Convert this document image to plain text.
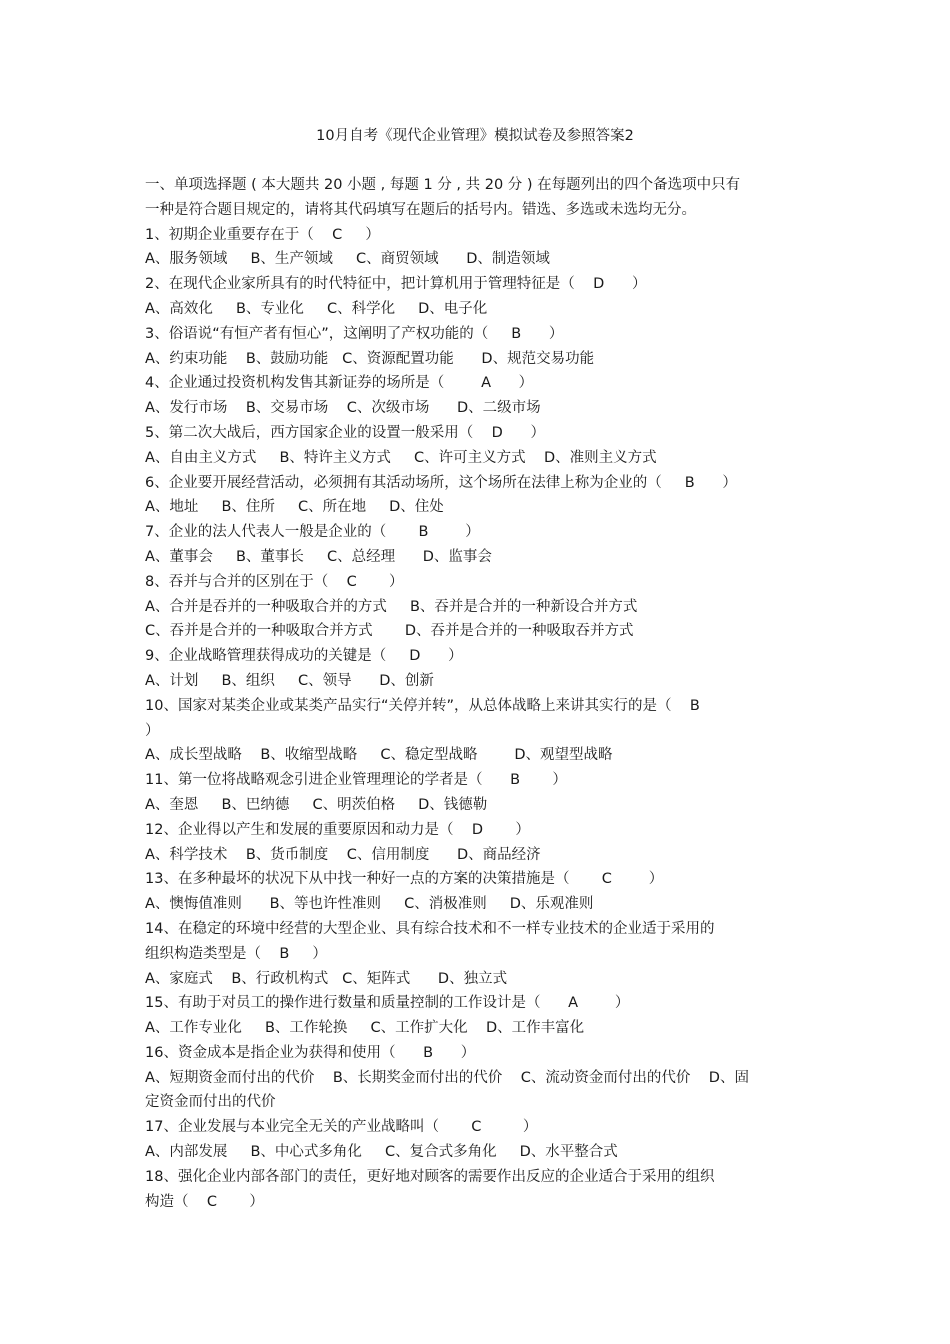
10月自考《现代企业管理》模拟试卷及参照答案2
一、单项选择题 ( 本大题共 20 小题 , 每题 1 分 , 共 20 分 ) 在每题列出的四个备选项中只有
一种是符合题目规定的，请将其代码填写在题后的括号内。错选、多选或未选均无分。
1、初期企业重要存在于（    C     ）
A、服务领域     B、生产领域     C、商贸领域      D、制造领域
2、在现代企业家所具有的时代特征中，把计算机用于管理特征是（    D      ）
A、高效化     B、专业化     C、科学化     D、电子化
3、俗语说“有恒产者有恒心”，这阐明了产权功能的（     B      ）
A、约束功能    B、鼓励功能   C、资源配置功能      D、规范交易功能
4、企业通过投资机构发售其新证券的场所是（        A      ）
A、发行市场    B、交易市场    C、次级市场      D、二级市场
5、第二次大战后，西方国家企业的设置一般采用（    D      ）
A、自由主义方式     B、特许主义方式     C、许可主义方式    D、准则主义方式
6、企业要开展经营活动，必须拥有其活动场所，这个场所在法律上称为企业的（     B      ）
A、地址     B、住所     C、所在地     D、住处
7、企业的法人代表人一般是企业的（       B        ）
A、董事会     B、董事长     C、总经理      D、监事会
8、吞并与合并的区别在于（    C       ）
A、合并是吞并的一种吸取合并的方式     B、吞并是合并的一种新设合并方式
C、吞并是合并的一种吸取合并方式       D、吞并是合并的一种吸取吞并方式
9、企业战略管理获得成功的关键是（     D      ）
A、计划     B、组织     C、领导      D、创新
10、国家对某类企业或某类产品实行“关停并转”，从总体战略上来讲其实行的是（    B
）
A、成长型战略    B、收缩型战略     C、稳定型战略        D、观望型战略
11、第一位将战略观念引进企业管理理论的学者是（      B       ）
A、奎恩     B、巴纳德     C、明茨伯格     D、钱德勒
12、企业得以产生和发展的重要原因和动力是（    D       ）
A、科学技术    B、货币制度    C、信用制度      D、商品经济
13、在多种最坏的状况下从中找一种好一点的方案的决策措施是（       C        ）
A、懊悔值准则      B、等也许性准则     C、消极准则     D、乐观准则
14、在稳定的环境中经营的大型企业、具有综合技术和不一样专业技术的企业适于采用的
组织构造类型是（    B     ）
A、家庭式    B、行政机构式   C、矩阵式      D、独立式
15、有助于对员工的操作进行数量和质量控制的工作设计是（      A        ）
A、工作专业化     B、工作轮换     C、工作扩大化    D、工作丰富化
16、资金成本是指企业为获得和使用（      B      ）
A、短期资金而付出的代价    B、长期奖金而付出的代价    C、流动资金而付出的代价    D、固
定资金而付出的代价
17、企业发展与本业完全无关的产业战略叫（       C         ）
A、内部发展     B、中心式多角化     C、复合式多角化     D、水平整合式
18、强化企业内部各部门的责任，更好地对顾客的需要作出反应的企业适合于采用的组织
构造（    C       ）
